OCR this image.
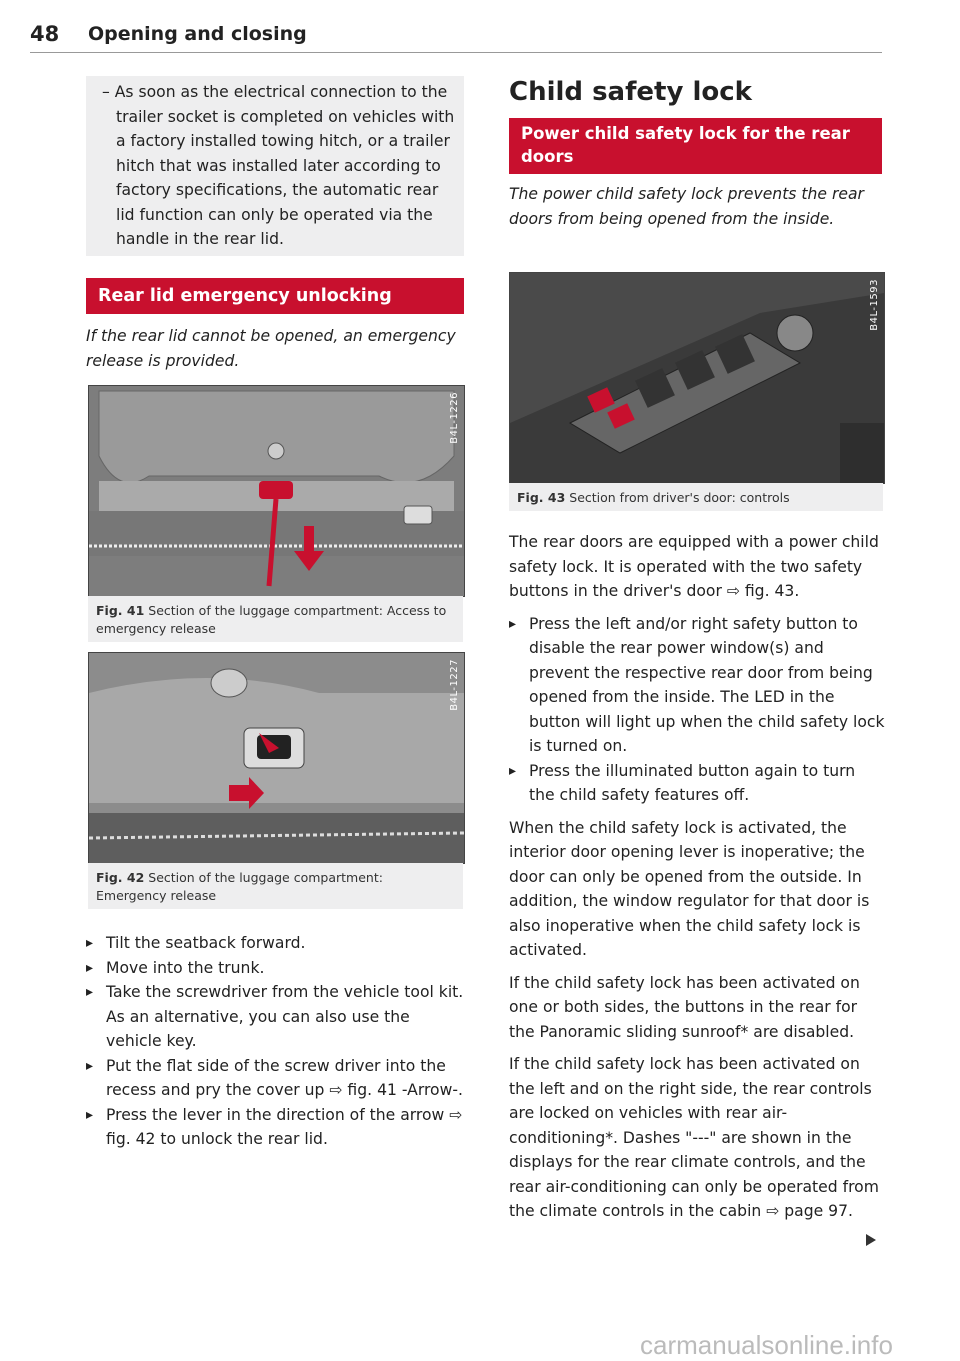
48 Opening and closing

– As soon as the electrical connection to the trailer socket is completed on vehicles with a factory installed towing hitch, or a trailer hitch that was installed later according to factory specifications, the automatic rear lid function can only be operated via the handle in the rear lid.

Rear lid emergency unlocking

If the rear lid cannot be opened, an emergency release is provided.

B4L-1226
Fig. 41 Section of the luggage compartment: Access to emergency release
B4L-1227
Fig. 42 Section of the luggage compartment: Emergency release
▸ Tilt the seatback forward.
▸ Move into the trunk.
▸ Take the screwdriver from the vehicle tool kit. As an alternative, you can also use the vehicle key.
▸ Put the flat side of the screw driver into the recess and pry the cover up ⇨ fig. 41 -Arrow-.
▸ Press the lever in the direction of the arrow ⇨ fig. 42 to unlock the rear lid.
Child safety lock
Power child safety lock for the rear doors

The power child safety lock prevents the rear doors from being opened from the inside.

B4L-1593
Fig. 43 Section from driver's door: controls

The rear doors are equipped with a power child safety lock. It is operated with the two safety buttons in the driver's door ⇨ fig. 43.

▸ Press the left and/or right safety button to disable the rear power window(s) and prevent the respective rear door from being opened from the inside. The LED in the button will light up when the child safety lock is turned on.
▸ Press the illuminated button again to turn the child safety features off.

When the child safety lock is activated, the interior door opening lever is inoperative; the door can only be opened from the outside. In addition, the window regulator for that door is also inoperative when the child safety lock is activated.

If the child safety lock has been activated on one or both sides, the buttons in the rear for the Panoramic sliding sunroof* are disabled.

If the child safety lock has been activated on the left and on the right side, the rear controls are locked on vehicles with rear air-conditioning*. Dashes "---" are shown in the displays for the rear climate controls, and the rear air-conditioning can only be operated from the climate controls in the cabin ⇨ page 97.

carmanualsonline.info
